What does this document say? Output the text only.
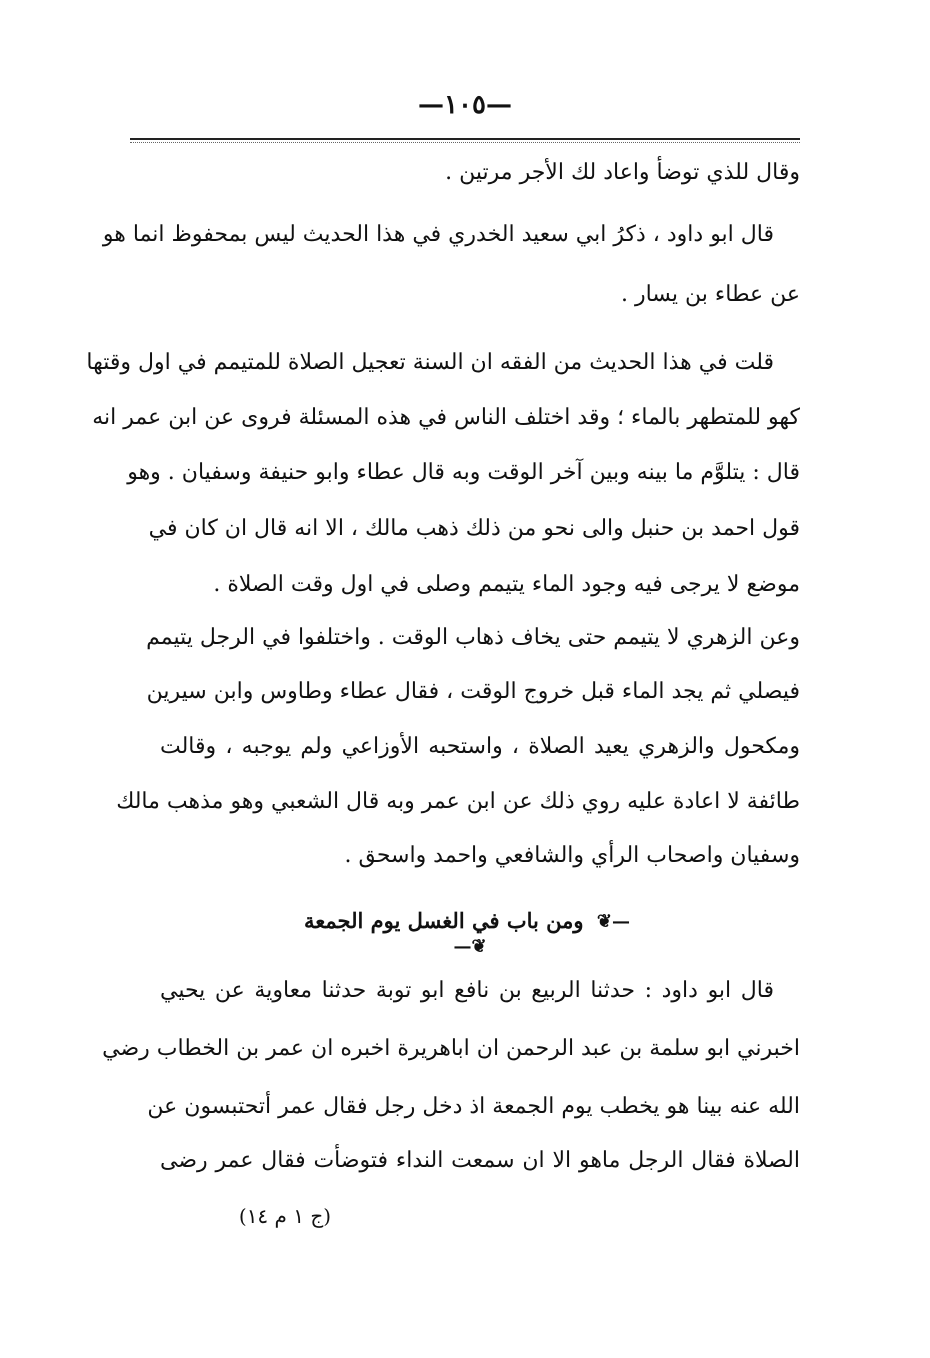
—١٠٥—
وقال للذي توضأ واعاد لك الأجر مرتين .
قال ابو داود ، ذكرُ ابي سعيد الخدري في هذا الحديث ليس بمحفوظ انما هو
عن عطاء بن يسار .
قلت في هذا الحديث من الفقه ان السنة تعجيل الصلاة للمتيمم في اول وقتها
كهو للمتطهر بالماء ؛ وقد اختلف الناس في هذه المسئلة فروى عن ابن عمر انه
قال : يتلوَّم ما بينه وبين آخر الوقت وبه قال عطاء وابو حنيفة وسفيان . وهو
قول احمد بن حنبل والى نحو من ذلك ذهب مالك ، الا انه قال ان كان في
موضع لا يرجى فيه وجود الماء يتيمم وصلى في اول وقت الصلاة .
وعن الزهري لا يتيمم حتى يخاف ذهاب الوقت . واختلفوا في الرجل يتيمم
فيصلي ثم يجد الماء قبل خروج الوقت ، فقال عطاء وطاوس وابن سيرين
ومكحول والزهري يعيد الصلاة ، واستحبه الأوزاعي ولم يوجبه ، وقالت
طائفة لا اعادة عليه روي ذلك عن ابن عمر وبه قال الشعبي وهو مذهب مالك
وسفيان واصحاب الرأي والشافعي واحمد واسحق .
—❦ ومن باب في الغسل يوم الجمعة ❦—
قال ابو داود : حدثنا الربيع بن نافع ابو توبة حدثنا معاوية عن يحيي
اخبرني ابو سلمة بن عبد الرحمن ان اباهريرة اخبره ان عمر بن الخطاب رضي
الله عنه بينا هو يخطب يوم الجمعة اذ دخل رجل فقال عمر أتحتبسون عن
الصلاة فقال الرجل ماهو الا ان سمعت النداء فتوضأت فقال عمر رضى
(ج ١ م ١٤)
